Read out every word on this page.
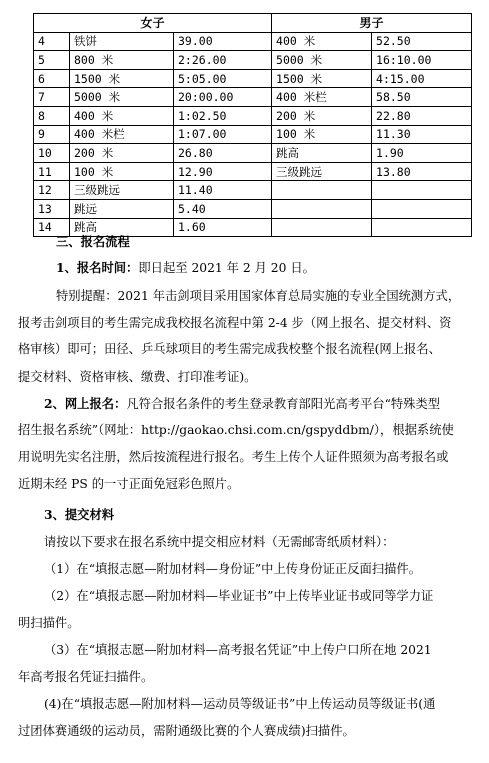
女子			男子	
4	铁饼	39.00	400 米	52.50
5	800 米	2:26.00	5000 米	16:10.00
6	1500 米	5:05.00	1500 米	4:15.00
7	5000 米	20:00.00	400 米栏	58.50
8	400 米	1:02.50	200 米	22.80
9	400 米栏	1:07.00	100 米	11.30
10	200 米	26.80	跳高	1.90
11	100 米	12.90	三级跳远	13.80
12	三级跳远	11.40		
13	跳远	5.40		
14	跳高	1.60		

三、报名流程

1、报名时间：即日起至 2021 年 2 月 20 日。

特别提醒：2021 年击剑项目采用国家体育总局实施的专业全国统测方式，

报考击剑项目的考生需完成我校报名流程中第 2-4 步（网上报名、提交材料、资

格审核）即可；田径、乒乓球项目的考生需完成我校整个报名流程(网上报名、

提交材料、资格审核、缴费、打印准考证)。

2、网上报名：凡符合报名条件的考生登录教育部阳光高考平台“特殊类型

招生报名系统”（网址：http://gaokao.chsi.com.cn/gspyddbm/），根据系统使

用说明先实名注册，然后按流程进行报名。考生上传个人证件照须为高考报名或

近期未经 PS 的一寸正面免冠彩色照片。

3、提交材料

请按以下要求在报名系统中提交相应材料（无需邮寄纸质材料）：

（1）在“填报志愿—附加材料—身份证”中上传身份证正反面扫描件。

（2）在“填报志愿—附加材料—毕业证书”中上传毕业证书或同等学力证

明扫描件。

（3）在“填报志愿—附加材料—高考报名凭证”中上传户口所在地 2021

年高考报名凭证扫描件。

(4)在“填报志愿—附加材料—运动员等级证书”中上传运动员等级证书(通

过团体赛通级的运动员，需附通级比赛的个人赛成绩)扫描件。
